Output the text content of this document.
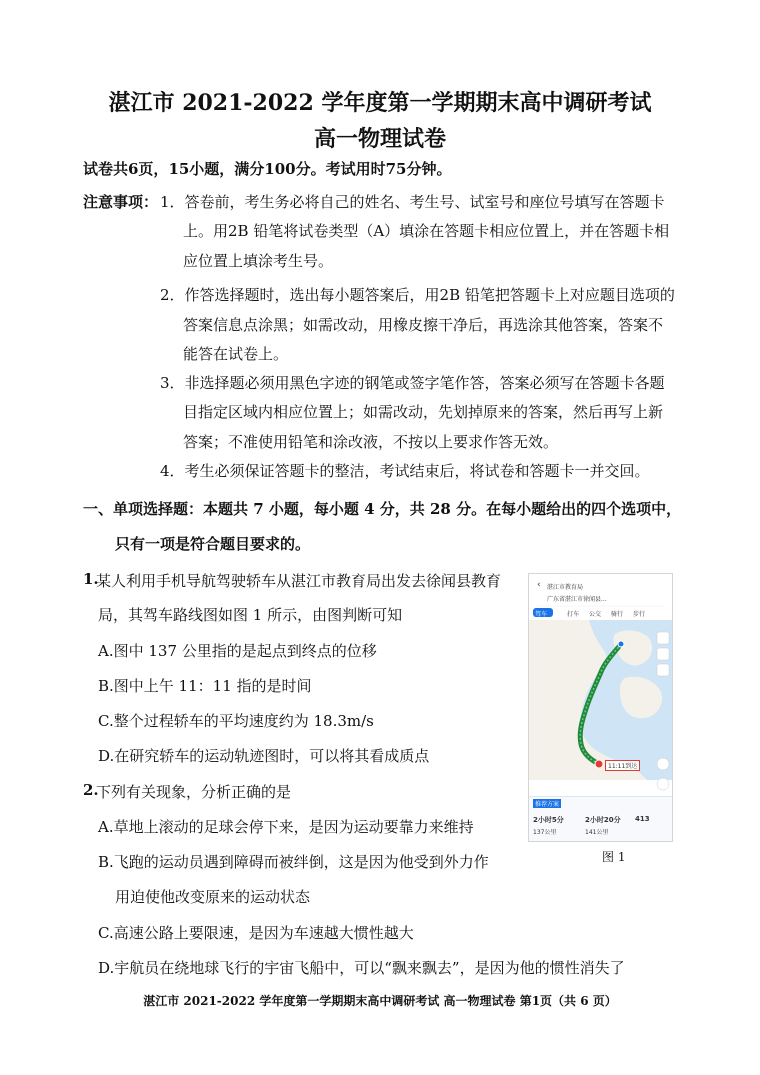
湛江市 2021-2022 学年度第一学期期末高中调研考试
高一物理试卷
试卷共6页，15小题，满分100分。考试用时75分钟。
注意事项： 1．答卷前，考生务必将自己的姓名、考生号、试室号和座位号填写在答题卡
上。用2B 铅笔将试卷类型（A）填涂在答题卡相应位置上，并在答题卡相
应位置上填涂考生号。
2．作答选择题时，选出每小题答案后，用2B 铅笔把答题卡上对应题目选项的
答案信息点涂黑；如需改动，用橡皮擦干净后，再选涂其他答案，答案不
能答在试卷上。
3．非选择题必须用黑色字迹的钢笔或签字笔作答，答案必须写在答题卡各题
目指定区域内相应位置上；如需改动，先划掉原来的答案，然后再写上新
答案；不准使用铅笔和涂改液，不按以上要求作答无效。
4．考生必须保证答题卡的整洁，考试结束后，将试卷和答题卡一并交回。
一、单项选择题：本题共 7 小题，每小题 4 分，共 28 分。在每小题给出的四个选项中，
只有一项是符合题目要求的。
1.
某人利用手机导航驾驶轿车从湛江市教育局出发去徐闻县教育
局，其驾车路线图如图 1 所示，由图判断可知
A.图中 137 公里指的是起点到终点的位移
B.图中上午 11：11 指的是时间
C.整个过程轿车的平均速度约为 18.3m/s
D.在研究轿车的运动轨迹图时，可以将其看成质点
2.
下列有关现象，分析正确的是
A.草地上滚动的足球会停下来，是因为运动要靠力来维持
B.飞跑的运动员遇到障碍而被绊倒，这是因为他受到外力作
用迫使他改变原来的运动状态
C.高速公路上要限速，是因为车速越大惯性越大
D.宇航员在绕地球飞行的宇宙飞船中，可以“飘来飘去”，是因为他的惯性消失了
‹ 湛江市教育局
广东省湛江市徐闻县...
驾车	打车 公交 骑行 步行
11:11到达
推荐方案
2小时5分
137公里
2小时20分
141公里
413
图 1
湛江市 2021-2022 学年度第一学期期末高中调研考试 高一物理试卷 第1页（共 6 页）
